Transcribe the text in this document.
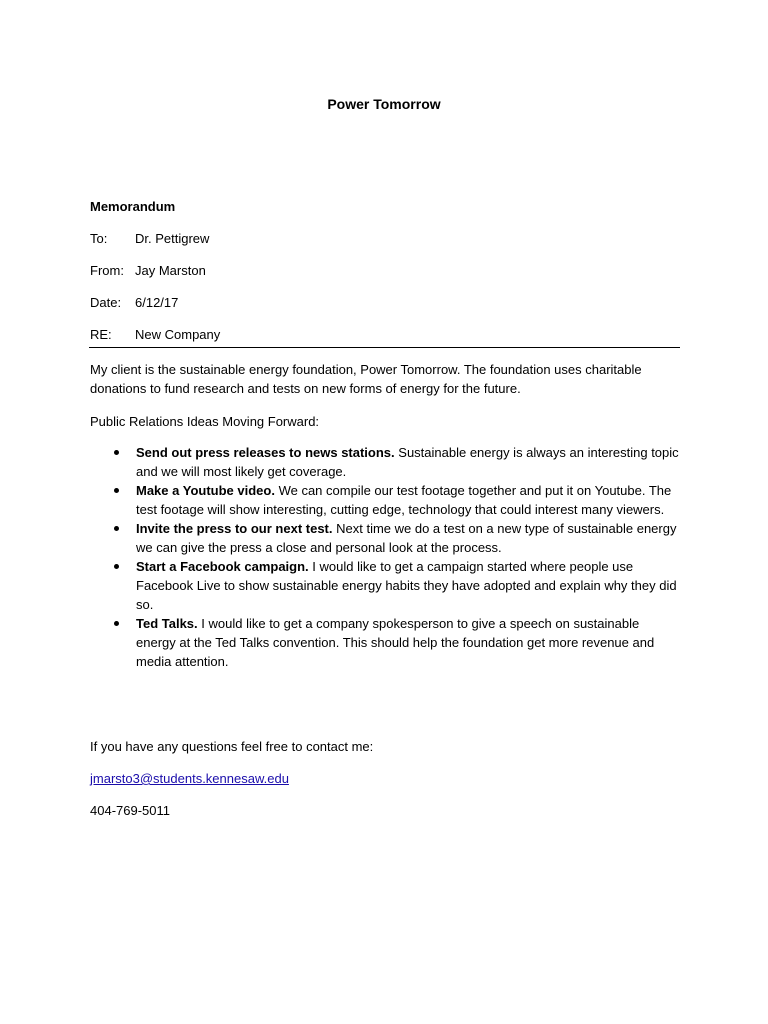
Power Tomorrow
Memorandum
To: Dr. Pettigrew
From: Jay Marston
Date: 6/12/17
RE: New Company
My client is the sustainable energy foundation, Power Tomorrow. The foundation uses charitable donations to fund research and tests on new forms of energy for the future.
Public Relations Ideas Moving Forward:
Send out press releases to news stations. Sustainable energy is always an interesting topic and we will most likely get coverage.
Make a Youtube video. We can compile our test footage together and put it on Youtube. The test footage will show interesting, cutting edge, technology that could interest many viewers.
Invite the press to our next test. Next time we do a test on a new type of sustainable energy we can give the press a close and personal look at the process.
Start a Facebook campaign. I would like to get a campaign started where people use Facebook Live to show sustainable energy habits they have adopted and explain why they did so.
Ted Talks. I would like to get a company spokesperson to give a speech on sustainable energy at the Ted Talks convention. This should help the foundation get more revenue and media attention.
If you have any questions feel free to contact me:
jmarsto3@students.kennesaw.edu
404-769-5011
